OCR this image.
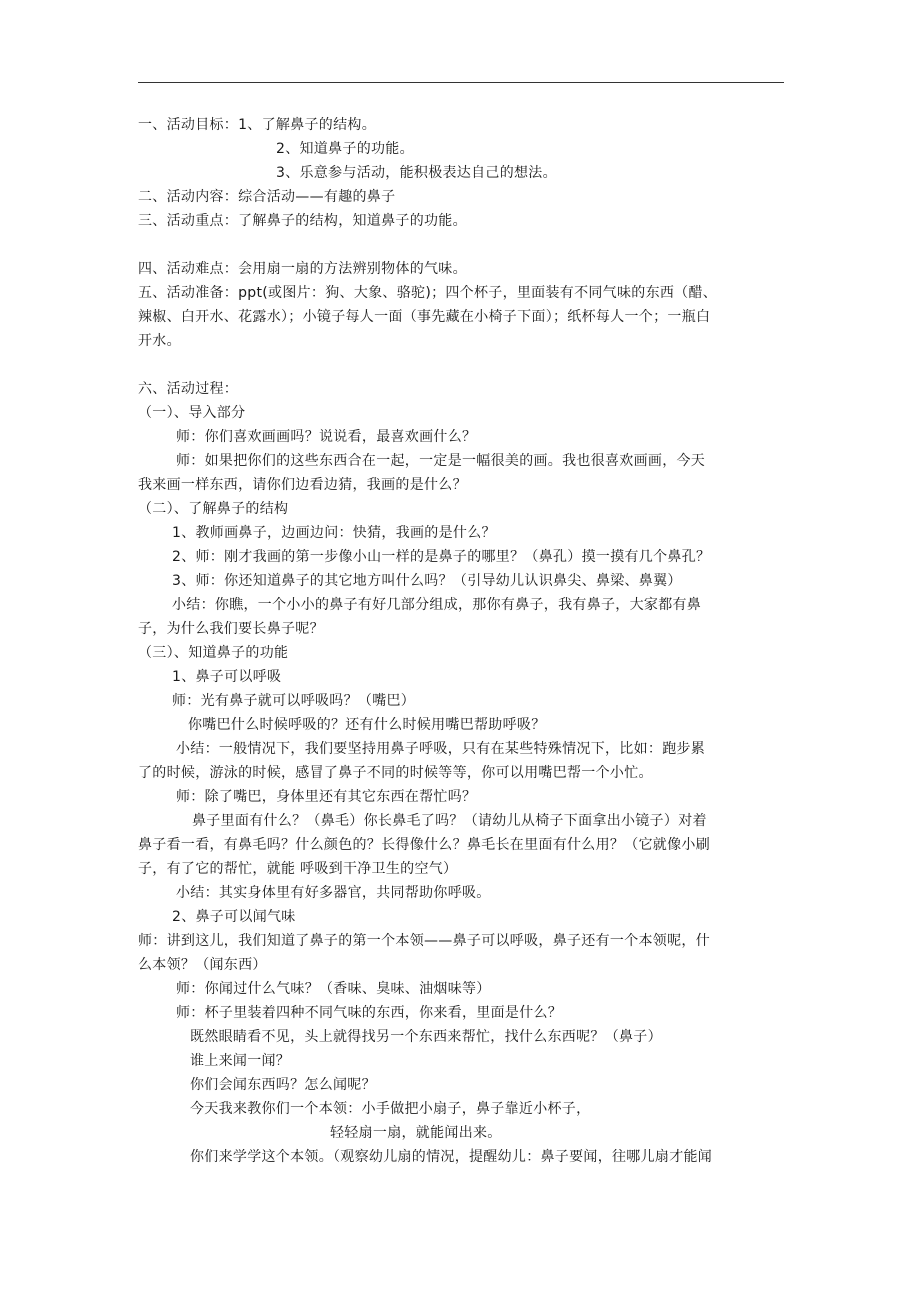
一、活动目标：1、了解鼻子的结构。
2、知道鼻子的功能。
3、乐意参与活动，能积极表达自己的想法。
二、活动内容：综合活动——有趣的鼻子
三、活动重点：了解鼻子的结构，知道鼻子的功能。
四、活动难点：会用扇一扇的方法辨别物体的气味。
五、活动准备：ppt(或图片：狗、大象、骆驼)；四个杯子，里面装有不同气味的东西（醋、
辣椒、白开水、花露水）；小镜子每人一面（事先藏在小椅子下面）；纸杯每人一个；一瓶白
开水。
六、活动过程：
（一）、导入部分
师：你们喜欢画画吗？说说看，最喜欢画什么？
师：如果把你们的这些东西合在一起，一定是一幅很美的画。我也很喜欢画画，今天
我来画一样东西，请你们边看边猜，我画的是什么？
（二）、了解鼻子的结构
1、教师画鼻子，边画边问：快猜，我画的是什么？
2、师：刚才我画的第一步像小山一样的是鼻子的哪里？（鼻孔）摸一摸有几个鼻孔？
3、师：你还知道鼻子的其它地方叫什么吗？（引导幼儿认识鼻尖、鼻梁、鼻翼）
小结：你瞧，一个小小的鼻子有好几部分组成，那你有鼻子，我有鼻子，大家都有鼻
子，为什么我们要长鼻子呢？
（三）、知道鼻子的功能
1、鼻子可以呼吸
师：光有鼻子就可以呼吸吗？（嘴巴）
你嘴巴什么时候呼吸的？还有什么时候用嘴巴帮助呼吸？
小结：一般情况下，我们要坚持用鼻子呼吸，只有在某些特殊情况下，比如：跑步累
了的时候，游泳的时候，感冒了鼻子不同的时候等等，你可以用嘴巴帮一个小忙。
师：除了嘴巴，身体里还有其它东西在帮忙吗？
鼻子里面有什么？（鼻毛）你长鼻毛了吗？（请幼儿从椅子下面拿出小镜子）对着
鼻子看一看，有鼻毛吗？什么颜色的？长得像什么？鼻毛长在里面有什么用？（它就像小刷
子，有了它的帮忙，就能 呼吸到干净卫生的空气）
小结：其实身体里有好多器官，共同帮助你呼吸。
2、鼻子可以闻气味
师：讲到这儿，我们知道了鼻子的第一个本领——鼻子可以呼吸，鼻子还有一个本领呢，什
么本领？（闻东西）
师：你闻过什么气味？（香味、臭味、油烟味等）
师：杯子里装着四种不同气味的东西，你来看，里面是什么？
既然眼睛看不见，头上就得找另一个东西来帮忙，找什么东西呢？（鼻子）
谁上来闻一闻？
你们会闻东西吗？怎么闻呢？
今天我来教你们一个本领：小手做把小扇子，鼻子靠近小杯子，
轻轻扇一扇，就能闻出来。
你们来学学这个本领。（观察幼儿扇的情况，提醒幼儿：鼻子要闻，往哪儿扇才能闻
